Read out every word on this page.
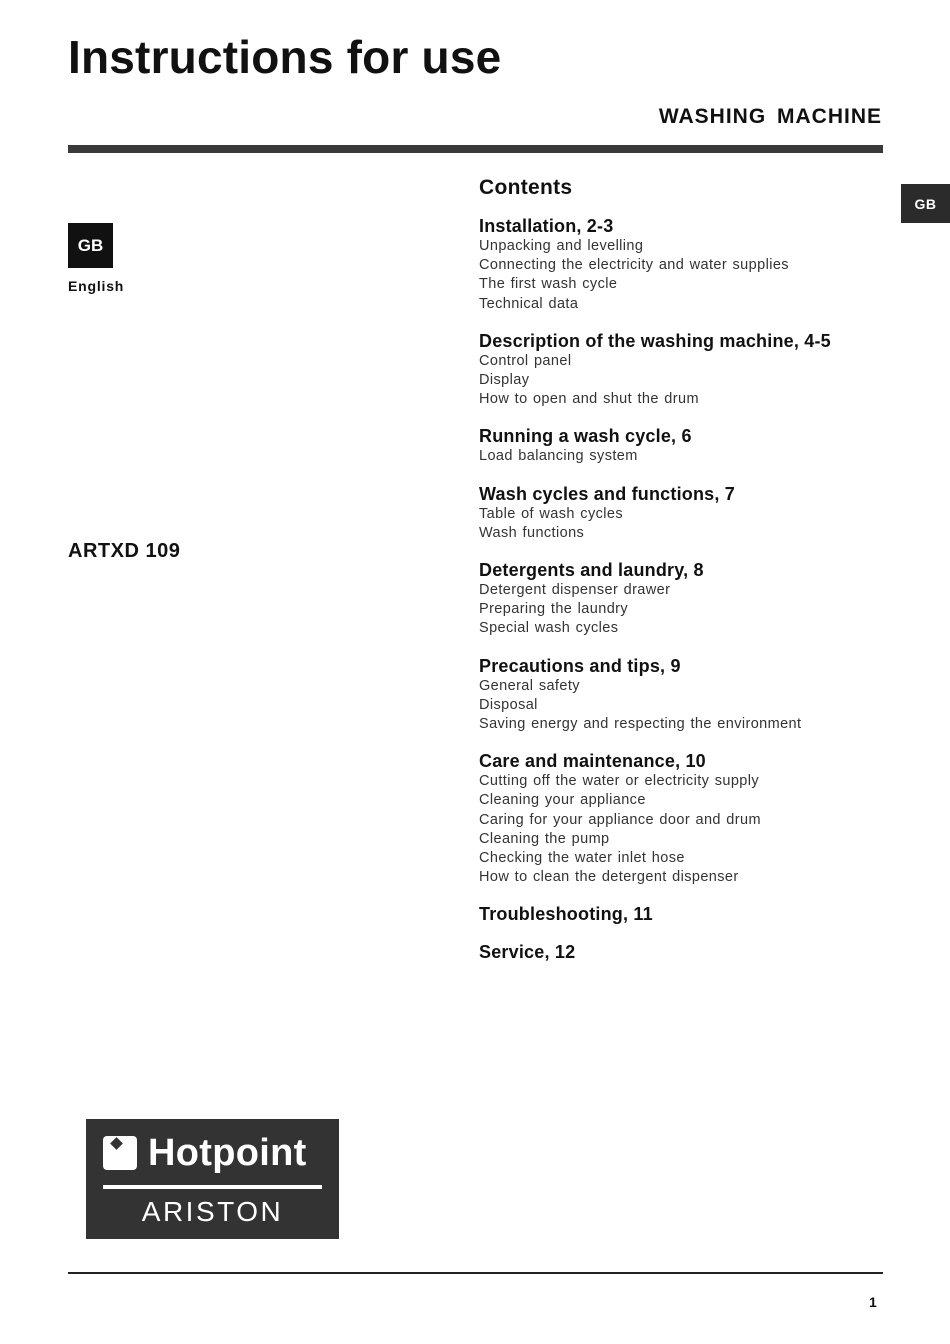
Instructions for use
WASHING MACHINE
GB
GB
English
ARTXD 109
Contents
Installation, 2-3
Unpacking and levelling
Connecting the electricity and water supplies
The first wash cycle
Technical data
Description of the washing machine, 4-5
Control panel
Display
How to open and shut the drum
Running a wash cycle, 6
Load balancing system
Wash cycles and functions, 7
Table of wash cycles
Wash functions
Detergents and laundry, 8
Detergent dispenser drawer
Preparing the laundry
Special wash cycles
Precautions and tips, 9
General safety
Disposal
Saving energy and respecting the environment
Care and maintenance, 10
Cutting off the water or electricity supply
Cleaning your appliance
Caring for your appliance door and drum
Cleaning the pump
Checking the water inlet hose
How to clean the detergent dispenser
Troubleshooting, 11
Service, 12
Hotpoint
ARISTON
1
